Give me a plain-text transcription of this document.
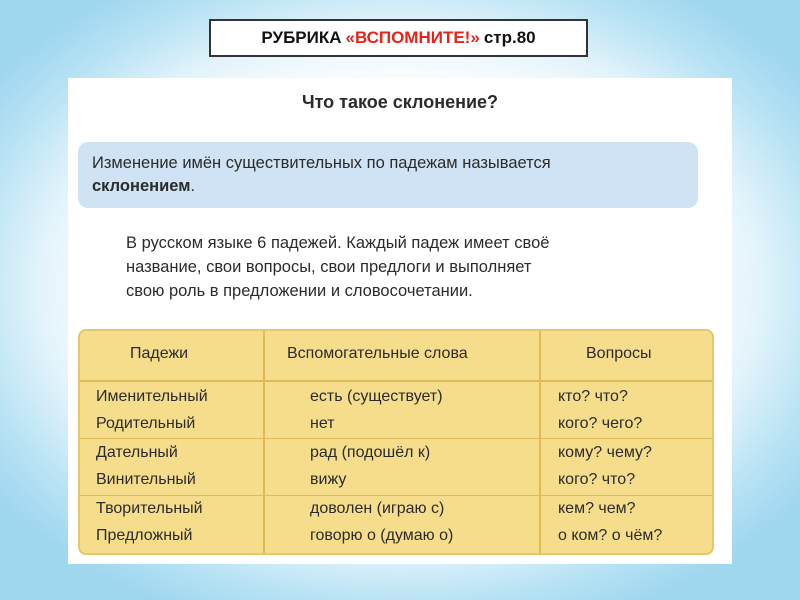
РУБРИКА «ВСПОМНИТЕ!» стр.80
Что такое склонение?
Изменение имён существительных по падежам называется
склонением.
В русском языке 6 падежей. Каждый падеж имеет своё
название, свои вопросы, свои предлоги и выполняет
свою роль в предложении и словосочетании.
Падежи	Вспомогательные слова	Вопросы
Именительный	есть (существует)	кто? что?
Родительный	нет	кого? чего?
Дательный	рад (подошёл к)	кому? чему?
Винительный	вижу	кого? что?
Творительный	доволен (играю с)	кем? чем?
Предложный	говорю о (думаю о)	о ком? о чём?
